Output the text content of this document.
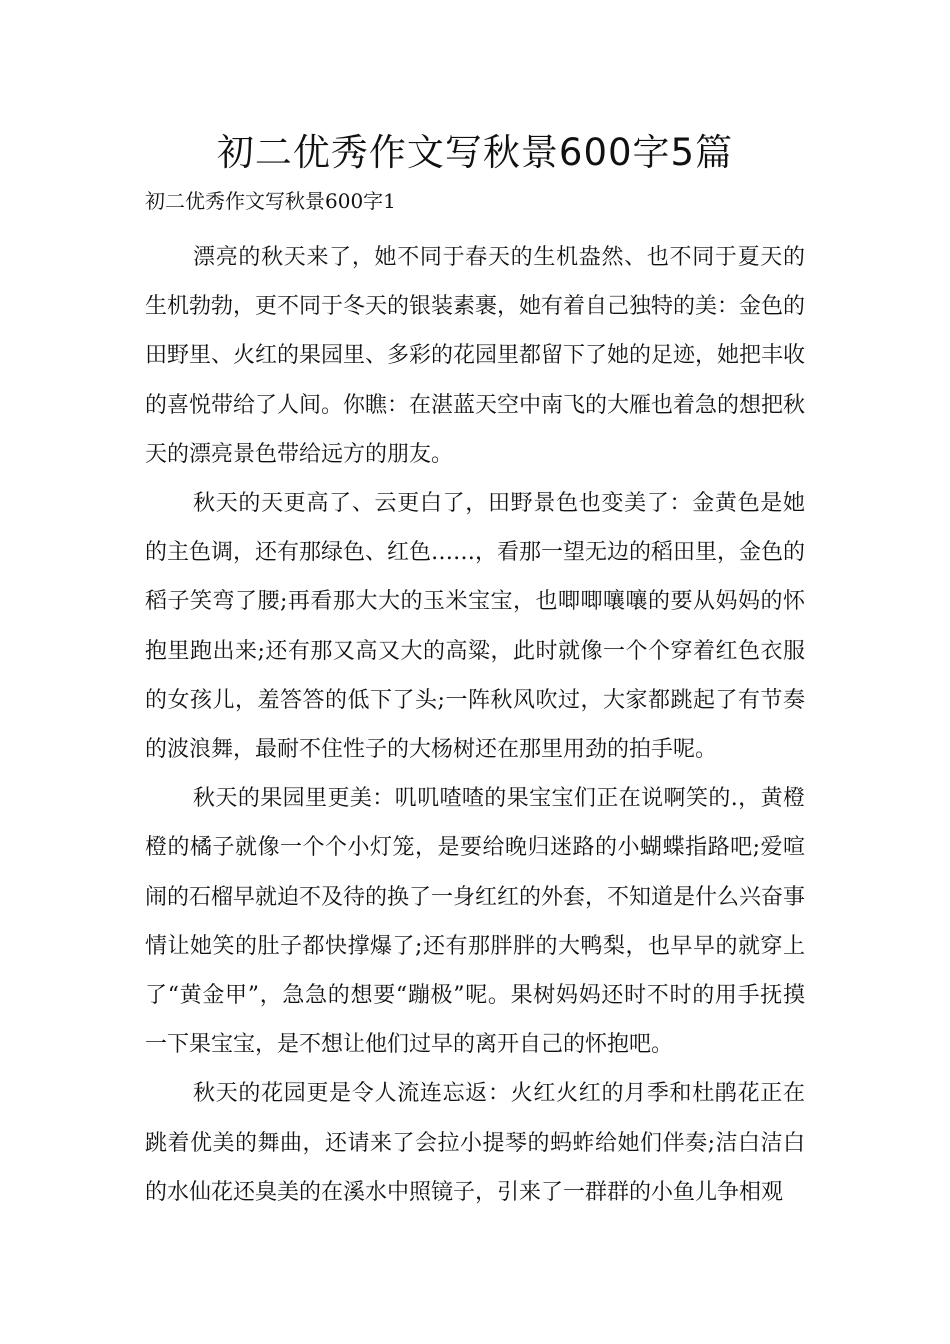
初二优秀作文写秋景600字5篇

初二优秀作文写秋景600字1

漂亮的秋天来了，她不同于春天的生机盎然、也不同于夏天的生机勃勃，更不同于冬天的银装素裹，她有着自己独特的美：金色的田野里、火红的果园里、多彩的花园里都留下了她的足迹，她把丰收的喜悦带给了人间。你瞧：在湛蓝天空中南飞的大雁也着急的想把秋天的漂亮景色带给远方的朋友。

秋天的天更高了、云更白了，田野景色也变美了：金黄色是她的主色调，还有那绿色、红色……，看那一望无边的稻田里，金色的稻子笑弯了腰;再看那大大的玉米宝宝，也唧唧嚷嚷的要从妈妈的怀抱里跑出来;还有那又高又大的高粱，此时就像一个个穿着红色衣服的女孩儿，羞答答的低下了头;一阵秋风吹过，大家都跳起了有节奏的波浪舞，最耐不住性子的大杨树还在那里用劲的拍手呢。

秋天的果园里更美：叽叽喳喳的果宝宝们正在说啊笑的.，黄橙橙的橘子就像一个个小灯笼，是要给晚归迷路的小蝴蝶指路吧;爱喧闹的石榴早就迫不及待的换了一身红红的外套，不知道是什么兴奋事情让她笑的肚子都快撑爆了;还有那胖胖的大鸭梨，也早早的就穿上了“黄金甲”，急急的想要“蹦极”呢。果树妈妈还时不时的用手抚摸一下果宝宝，是不想让他们过早的离开自己的怀抱吧。

秋天的花园更是令人流连忘返：火红火红的月季和杜鹃花正在跳着优美的舞曲，还请来了会拉小提琴的蚂蚱给她们伴奏;洁白洁白的水仙花还臭美的在溪水中照镜子，引来了一群群的小鱼儿争相观
